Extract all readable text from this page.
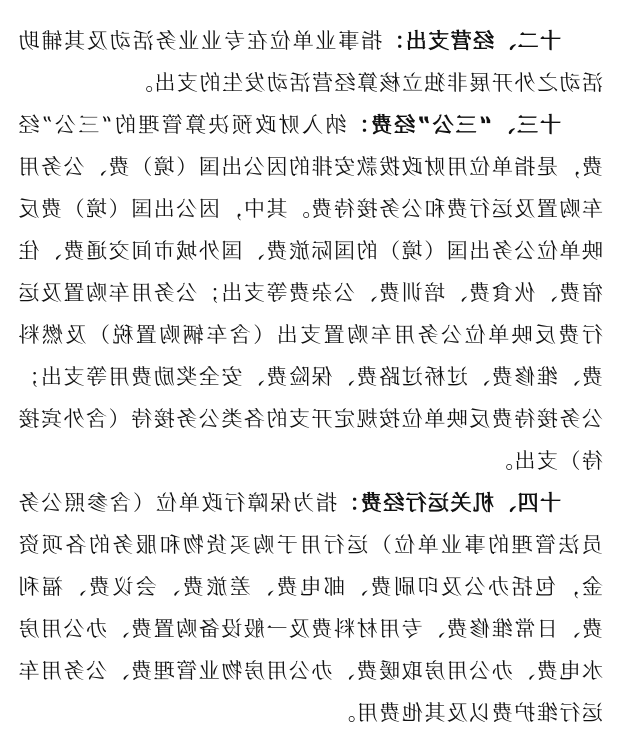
十二、经营支出：指事业单位在专业业务活动及其辅助活动之外开展非独立核算经营活动发生的支出。

十三、“三公”经费：纳入财政预决算管理的“三公”经费，是指单位用财政拨款安排的因公出国（境）费、公务用车购置及运行费和公务接待费。其中，因公出国（境）费反映单位公务出国（境）的国际旅费、国外城市间交通费、住宿费、伙食费、培训费、公杂费等支出；公务用车购置及运行费反映单位公务用车购置支出（含车辆购置税）及燃料费、维修费、过桥过路费、保险费、安全奖励费用等支出；公务接待费反映单位按规定开支的各类公务接待（含外宾接待）支出。

十四、机关运行经费：指为保障行政单位（含参照公务员法管理的事业单位）运行用于购买货物和服务的各项资金，包括办公及印刷费、邮电费、差旅费、会议费、福利费、日常维修费、专用材料费及一般设备购置费、办公用房水电费、办公用房取暖费、办公用房物业管理费、公务用车运行维护费以及其他费用。
